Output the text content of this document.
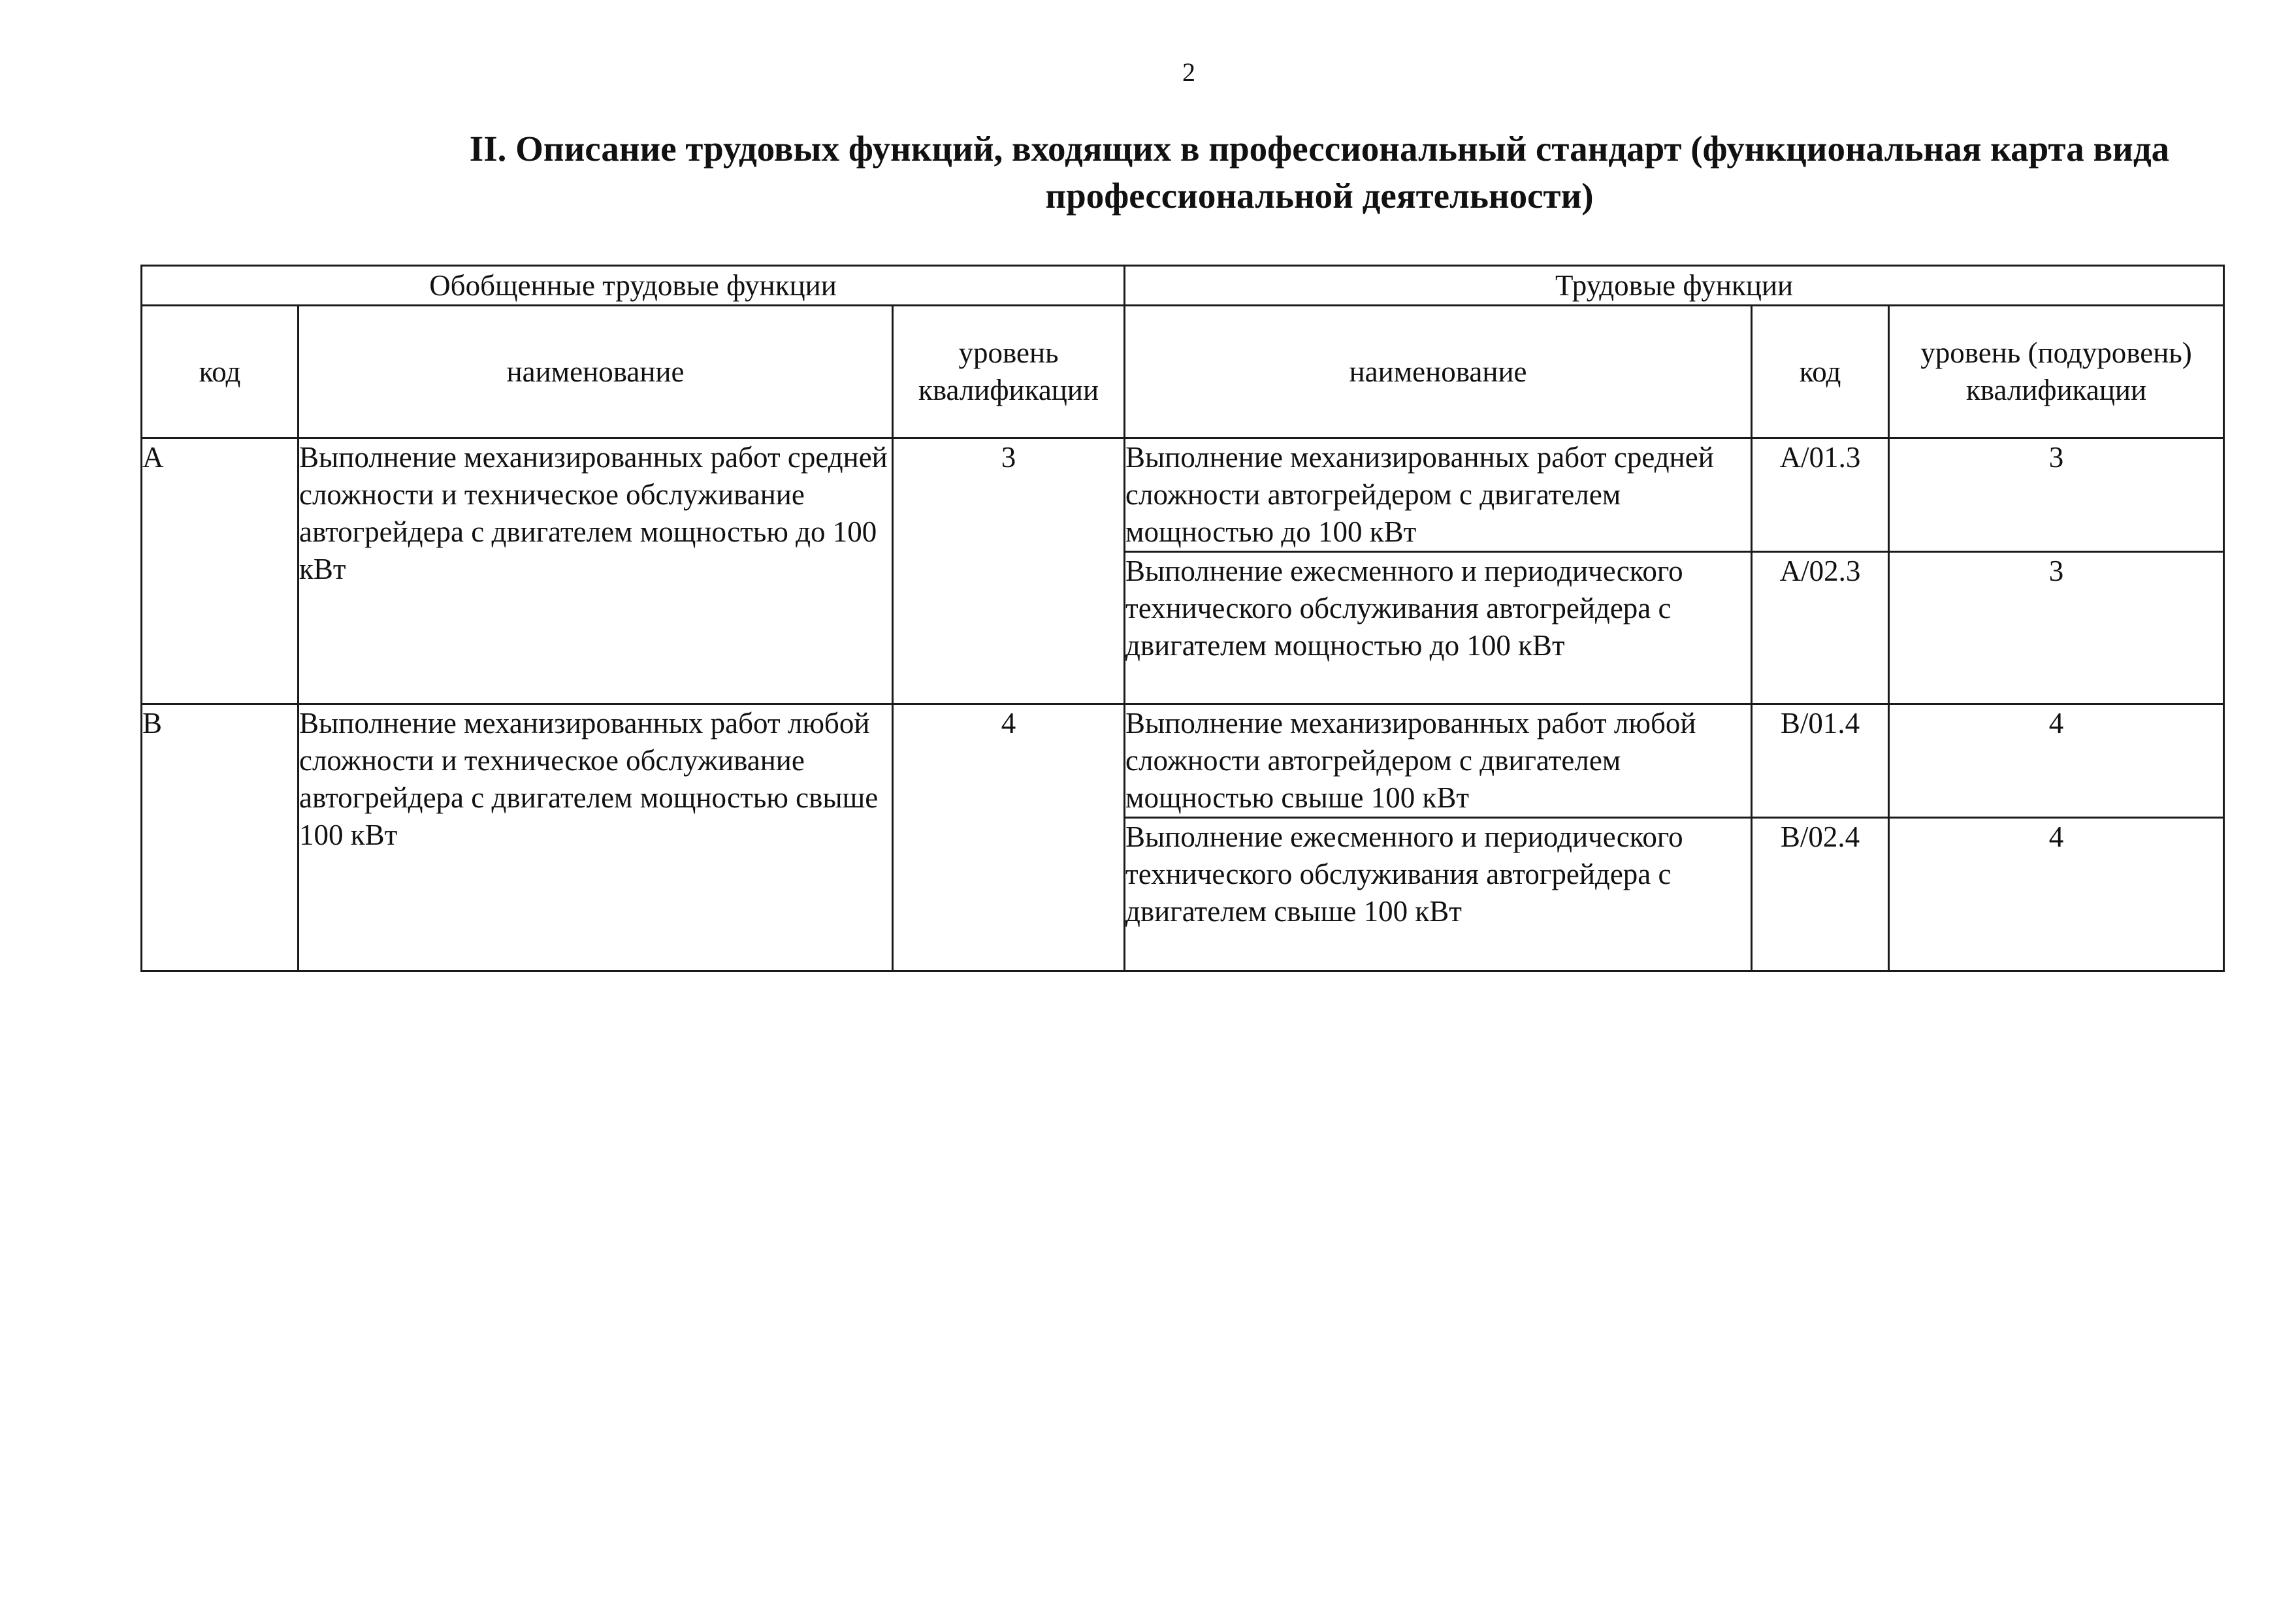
2
II. Описание трудовых функций, входящих в профессиональный стандарт (функциональная карта вида
профессиональной деятельности)
Обобщенные трудовые функции			Трудовые функции		
код	наименование	уровень квалификации	наименование	код	уровень (подуровень) квалификации
A	Выполнение механизированных работ средней сложности и техническое обслуживание автогрейдера с двигателем мощностью до 100 кВт	3	Выполнение механизированных работ средней сложности автогрейдером с двигателем мощностью до 100 кВт	A/01.3	3
			Выполнение ежесменного и периодического технического обслуживания автогрейдера с двигателем мощностью до 100 кВт	A/02.3	3
B	Выполнение механизированных работ любой сложности и техническое обслуживание автогрейдера с двигателем мощностью свыше 100 кВт	4	Выполнение механизированных работ любой сложности автогрейдером с двигателем мощностью свыше 100 кВт	B/01.4	4
			Выполнение ежесменного и периодического технического обслуживания автогрейдера с двигателем свыше 100 кВт	B/02.4	4
